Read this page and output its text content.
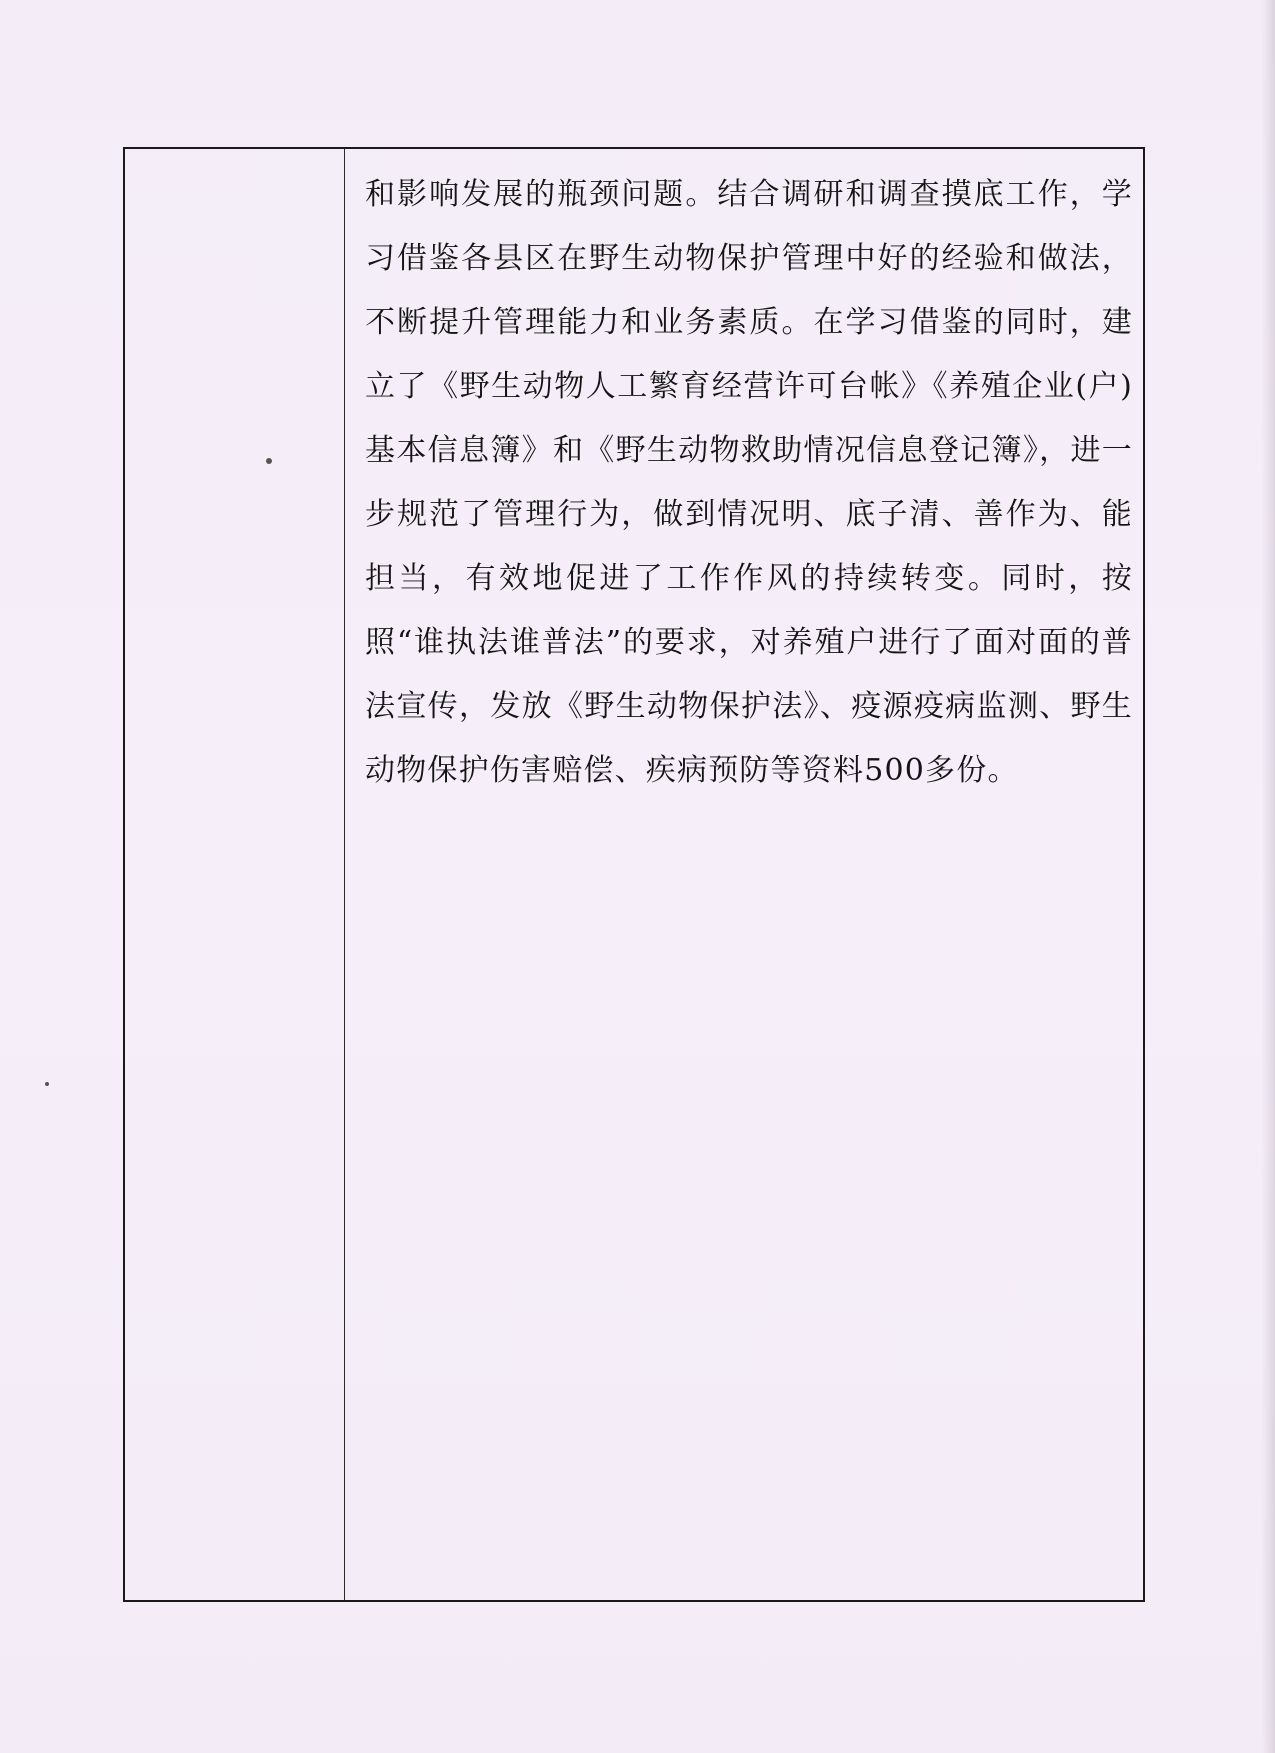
和影响发展的瓶颈问题。结合调研和调查摸底工作，学习借鉴各县区在野生动物保护管理中好的经验和做法，不断提升管理能力和业务素质。在学习借鉴的同时，建立了《野生动物人工繁育经营许可台帐》《养殖企业(户)基本信息簿》和《野生动物救助情况信息登记簿》，进一步规范了管理行为，做到情况明、底子清、善作为、能担当，有效地促进了工作作风的持续转变。同时，按照“谁执法谁普法”的要求，对养殖户进行了面对面的普法宣传，发放《野生动物保护法》、疫源疫病监测、野生动物保护伤害赔偿、疾病预防等资料500多份。
